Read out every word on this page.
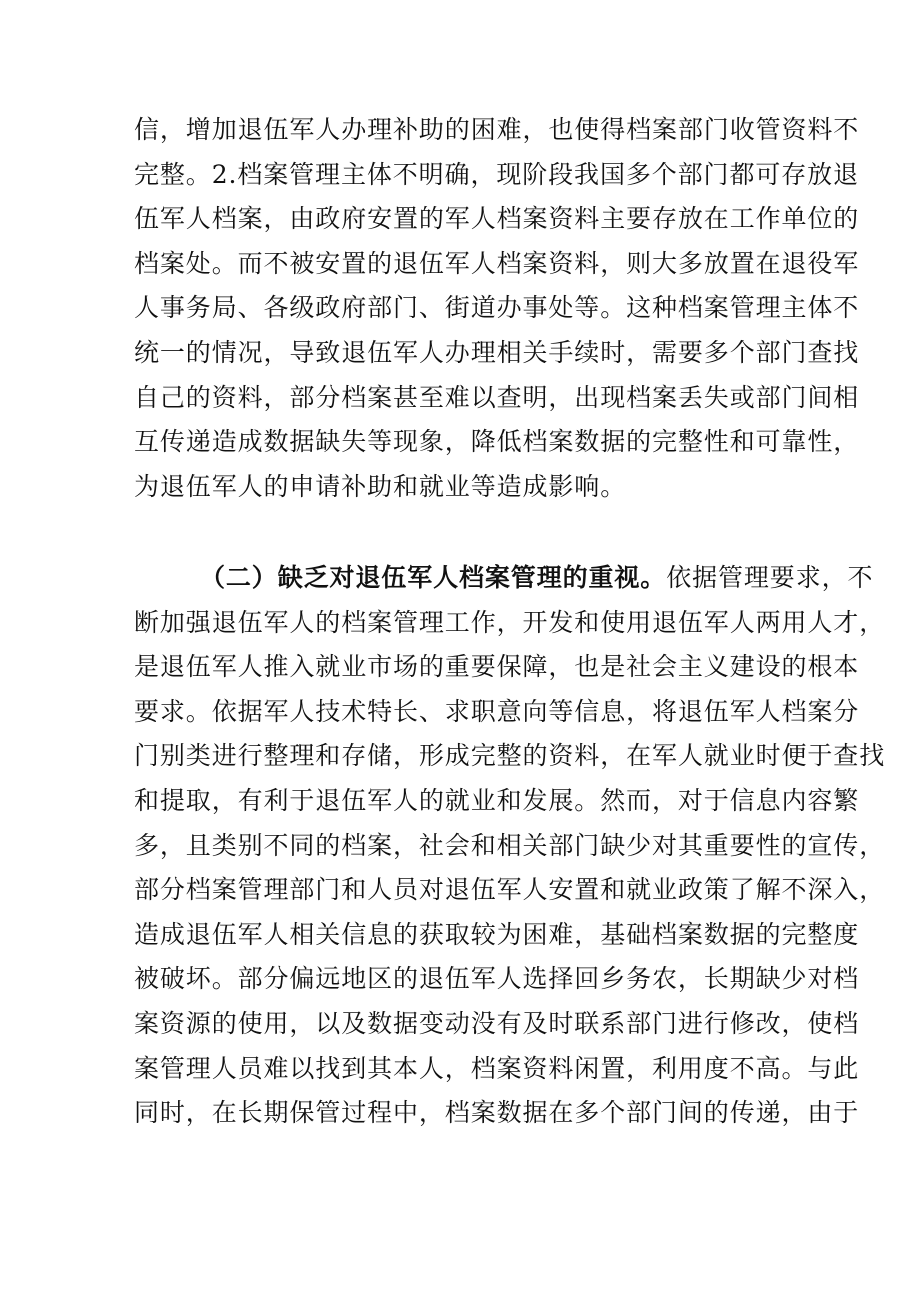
信，增加退伍军人办理补助的困难，也使得档案部门收管资料不
完整。2.档案管理主体不明确，现阶段我国多个部门都可存放退
伍军人档案，由政府安置的军人档案资料主要存放在工作单位的
档案处。而不被安置的退伍军人档案资料，则大多放置在退役军
人事务局、各级政府部门、街道办事处等。这种档案管理主体不
统一的情况，导致退伍军人办理相关手续时，需要多个部门查找
自己的资料，部分档案甚至难以查明，出现档案丢失或部门间相
互传递造成数据缺失等现象，降低档案数据的完整性和可靠性，
为退伍军人的申请补助和就业等造成影响。
（二）缺乏对退伍军人档案管理的重视。依据管理要求，不
断加强退伍军人的档案管理工作，开发和使用退伍军人两用人才，
是退伍军人推入就业市场的重要保障，也是社会主义建设的根本
要求。依据军人技术特长、求职意向等信息，将退伍军人档案分
门别类进行整理和存储，形成完整的资料，在军人就业时便于查找
和提取，有利于退伍军人的就业和发展。然而，对于信息内容繁
多，且类别不同的档案，社会和相关部门缺少对其重要性的宣传，
部分档案管理部门和人员对退伍军人安置和就业政策了解不深入，
造成退伍军人相关信息的获取较为困难，基础档案数据的完整度
被破坏。部分偏远地区的退伍军人选择回乡务农，长期缺少对档
案资源的使用，以及数据变动没有及时联系部门进行修改，使档
案管理人员难以找到其本人，档案资料闲置，利用度不高。与此
同时，在长期保管过程中，档案数据在多个部门间的传递，由于
